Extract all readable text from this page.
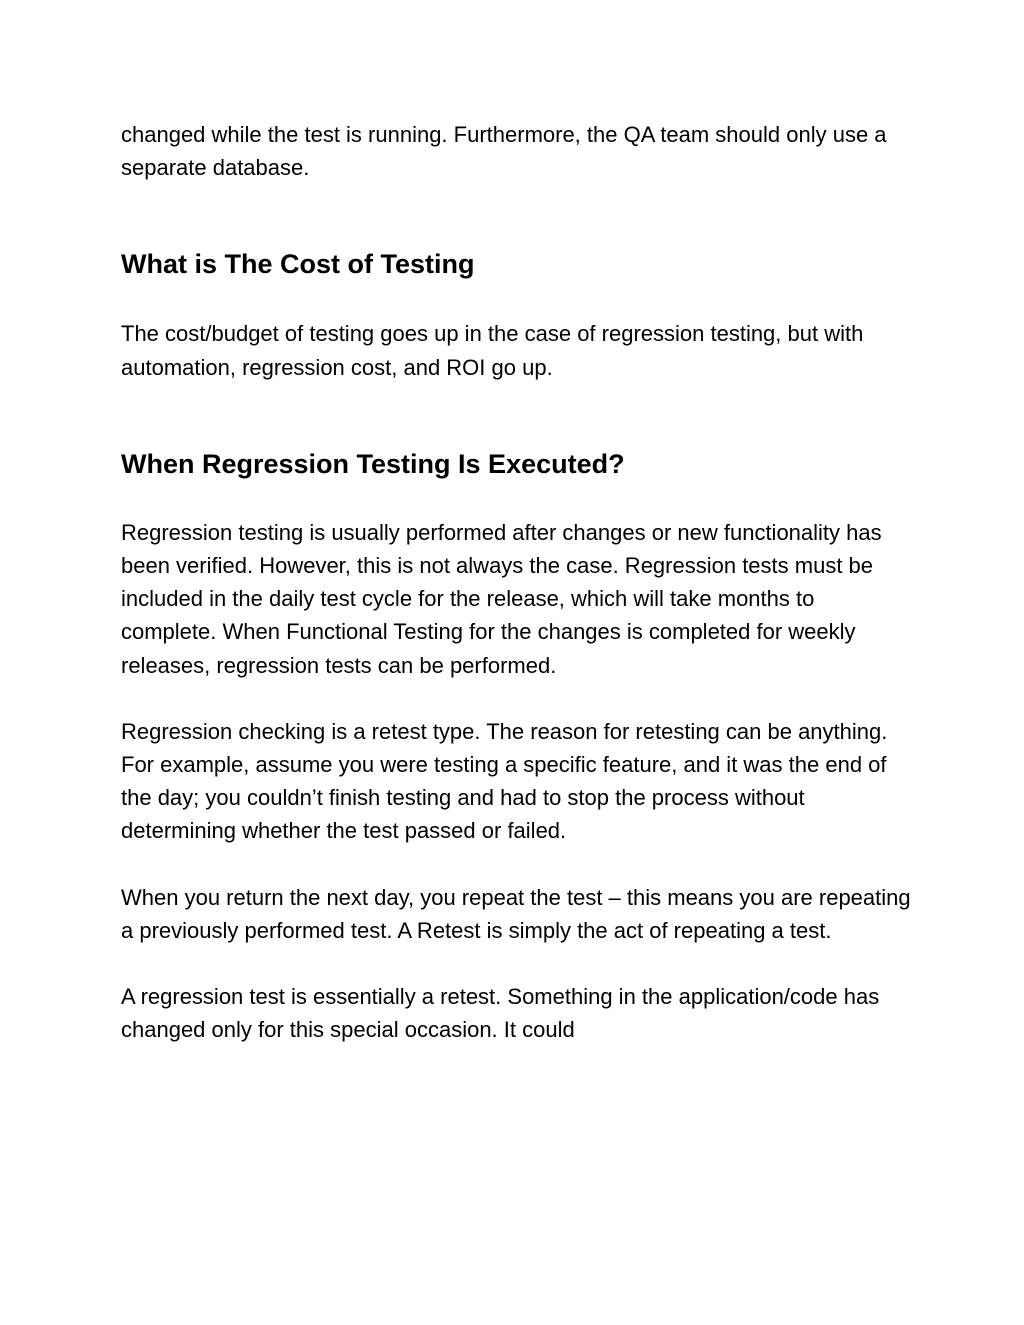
changed while the test is running. Furthermore, the QA team should only use a separate database.

What is The Cost of Testing

The cost/budget of testing goes up in the case of regression testing, but with automation, regression cost, and ROI go up.

When Regression Testing Is Executed?

Regression testing is usually performed after changes or new functionality has been verified. However, this is not always the case. Regression tests must be included in the daily test cycle for the release, which will take months to complete. When Functional Testing for the changes is completed for weekly releases, regression tests can be performed.

Regression checking is a retest type. The reason for retesting can be anything. For example, assume you were testing a specific feature, and it was the end of the day; you couldn’t finish testing and had to stop the process without determining whether the test passed or failed.

When you return the next day, you repeat the test – this means you are repeating a previously performed test. A Retest is simply the act of repeating a test.

A regression test is essentially a retest. Something in the application/code has changed only for this special occasion. It could
